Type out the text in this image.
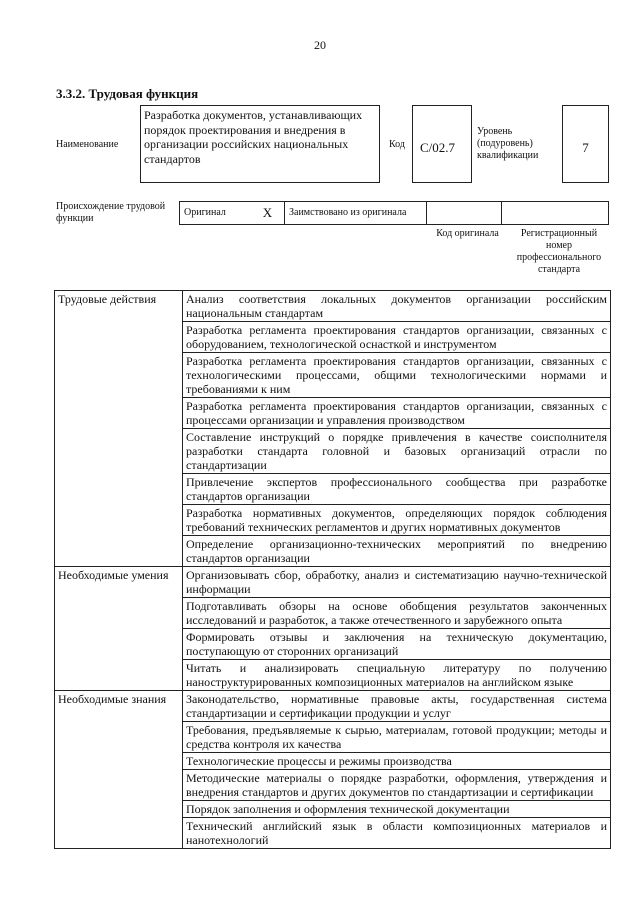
20
3.3.2. Трудовая функция
Наименование
Разработка документов, устанавливающих порядок проектирования и внедрения в организации российских национальных стандартов
Код	C/02.7
Уровень (подуровень) квалификации
7
Происхождение трудовой функции
Оригинал	X	Заимствовано из оригинала
Код оригинала	Регистрационный номер профессионального стандарта
Трудовые действия	Анализ соответствия локальных документов организации российским национальным стандартам
	Разработка регламента проектирования стандартов организации, связанных с оборудованием, технологической оснасткой и инструментом
	Разработка регламента проектирования стандартов организации, связанных с технологическими процессами, общими технологическими нормами и требованиями к ним
	Разработка регламента проектирования стандартов организации, связанных с процессами организации и управления производством
	Составление инструкций о порядке привлечения в качестве соисполнителя разработки стандарта головной и базовых организаций отрасли по стандартизации
	Привлечение экспертов профессионального сообщества при разработке стандартов организации
	Разработка нормативных документов, определяющих порядок соблюдения требований технических регламентов и других нормативных документов
	Определение организационно-технических мероприятий по внедрению стандартов организации
Необходимые умения	Организовывать сбор, обработку, анализ и систематизацию научно-технической информации
	Подготавливать обзоры на основе обобщения результатов законченных исследований и разработок, а также отечественного и зарубежного опыта
	Формировать отзывы и заключения на техническую документацию, поступающую от сторонних организаций
	Читать и анализировать специальную литературу по получению наноструктурированных композиционных материалов на английском языке
Необходимые знания	Законодательство, нормативные правовые акты, государственная система стандартизации и сертификации продукции и услуг
	Требования, предъявляемые к сырью, материалам, готовой продукции; методы и средства контроля их качества
	Технологические процессы и режимы производства
	Методические материалы о порядке разработки, оформления, утверждения и внедрения стандартов и других документов по стандартизации и сертификации
	Порядок заполнения и оформления технической документации
	Технический английский язык в области композиционных материалов и нанотехнологий
